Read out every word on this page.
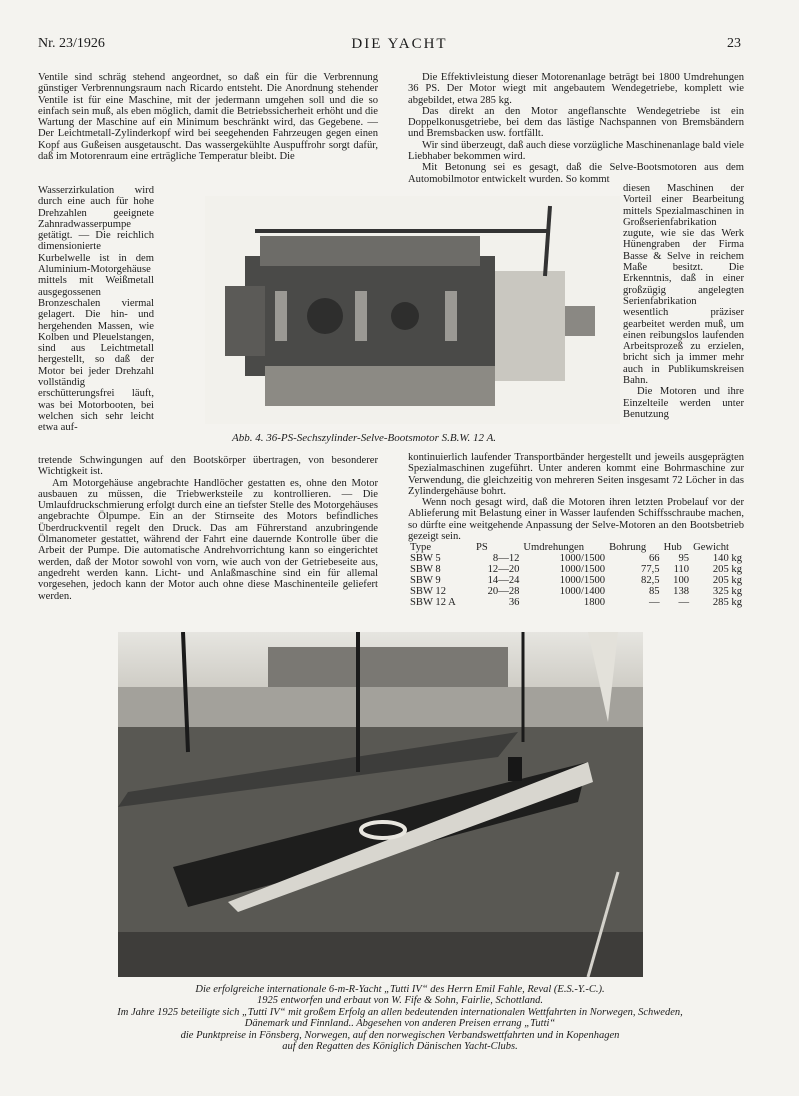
Nr. 23/1926	DIE YACHT	23

Ventile sind schräg stehend angeordnet, so daß ein für die Verbrennung günstiger Verbrennungsraum nach Ricardo entsteht. Die Anordnung stehender Ventile ist für eine Maschine, mit der jedermann umgehen soll und die so einfach sein muß, als eben möglich, damit die Betriebssicherheit erhöht und die Wartung der Maschine auf ein Minimum beschränkt wird, das Gegebene. — Der Leichtmetall-Zylinderkopf wird bei seegehenden Fahrzeugen gegen einen Kopf aus Gußeisen ausgetauscht. Das wassergekühlte Auspuffrohr sorgt dafür, daß im Motorenraum eine erträgliche Temperatur bleibt. Die

Wasserzirkulation wird durch eine auch für hohe Drehzahlen geeignete Zahnradwasserpumpe getätigt. — Die reichlich dimensionierte Kurbelwelle ist in dem Aluminium-Motorgehäuse mittels mit Weißmetall ausgegossenen Bronzeschalen viermal gelagert. Die hin- und hergehenden Massen, wie Kolben und Pleuelstangen, sind aus Leichtmetall hergestellt, so daß der Motor bei jeder Drehzahl vollständig erschütterungsfrei läuft, was bei Motorbooten, bei welchen sich sehr leicht etwa auf-

tretende Schwingungen auf den Bootskörper übertragen, von besonderer Wichtigkeit ist.

Am Motorgehäuse angebrachte Handlöcher gestatten es, ohne den Motor ausbauen zu müssen, die Triebwerksteile zu kontrollieren. — Die Umlaufdruckschmierung erfolgt durch eine an tiefster Stelle des Motorgehäuses angebrachte Ölpumpe. Ein an der Stirnseite des Motors befindliches Überdruckventil regelt den Druck. Das am Führerstand anzubringende Ölmanometer gestattet, während der Fahrt eine dauernde Kontrolle über die Arbeit der Pumpe. Die automatische Andrehvorrichtung kann so eingerichtet werden, daß der Motor sowohl von vorn, wie auch von der Getriebeseite aus, angedreht werden kann. Licht- und Anlaßmaschine sind ein für allemal vorgesehen, jedoch kann der Motor auch ohne diese Maschinenteile geliefert werden.

Die Effektivleistung dieser Motorenanlage beträgt bei 1800 Umdrehungen 36 PS. Der Motor wiegt mit angebautem Wendegetriebe, komplett wie abgebildet, etwa 285 kg.

Das direkt an den Motor angeflanschte Wendegetriebe ist ein Doppelkonusgetriebe, bei dem das lästige Nachspannen von Bremsbändern und Bremsbacken usw. fortfällt.

Wir sind überzeugt, daß auch diese vorzügliche Maschinenanlage bald viele Liebhaber bekommen wird.

Mit Betonung sei es gesagt, daß die Selve-Bootsmotoren aus dem Automobilmotor entwickelt wurden. So kommt

diesen Maschinen der Vorteil einer Bearbeitung mittels Spezialmaschinen in Großserienfabrikation zugute, wie sie das Werk Hünengraben der Firma Basse & Selve in reichem Maße besitzt. Die Erkenntnis, daß in einer großzügig angelegten Serienfabrikation wesentlich präziser gearbeitet werden muß, um einen reibungslos laufenden Arbeitsprozeß zu erzielen, bricht sich ja immer mehr auch in Publikumskreisen Bahn.

Die Motoren und ihre Einzelteile werden unter Benutzung

kontinuierlich laufender Transportbänder hergestellt und jeweils ausgeprägten Spezialmaschinen zugeführt. Unter anderen kommt eine Bohrmaschine zur Verwendung, die gleichzeitig von mehreren Seiten insgesamt 72 Löcher in das Zylindergehäuse bohrt.

Wenn noch gesagt wird, daß die Motoren ihren letzten Probelauf vor der Ablieferung mit Belastung einer in Wasser laufenden Schiffsschraube machen, so dürfte eine weitgehende Anpassung der Selve-Motoren an den Bootsbetrieb gezeigt sein.

Type	PS	Umdrehungen	Bohrung	Hub	Gewicht
SBW 5	8—12	1000/1500	66	95	140 kg
SBW 8	12—20	1000/1500	77,5	110	205 kg
SBW 9	14—24	1000/1500	82,5	100	205 kg
SBW 12	20—28	1000/1400	85	138	325 kg
SBW 12 A	36	1800	—	—	285 kg
Abb. 4. 36-PS-Sechszylinder-Selve-Bootsmotor S.B.W. 12 A.
Die erfolgreiche internationale 6-m-R-Yacht „Tutti IV“ des Herrn Emil Fahle, Reval (E.S.-Y.-C.).
1925 entworfen und erbaut von W. Fife & Sohn, Fairlie, Schottland.
Im Jahre 1925 beteiligte sich „Tutti IV“ mit großem Erfolg an allen bedeutenden internationalen Wettfahrten in Norwegen, Schweden, Dänemark und Finnland.. Abgesehen von anderen Preisen errang „Tutti“
die Punktpreise in Fönsberg, Norwegen, auf den norwegischen Verbandswettfahrten und in Kopenhagen
auf den Regatten des Königlich Dänischen Yacht-Clubs.
